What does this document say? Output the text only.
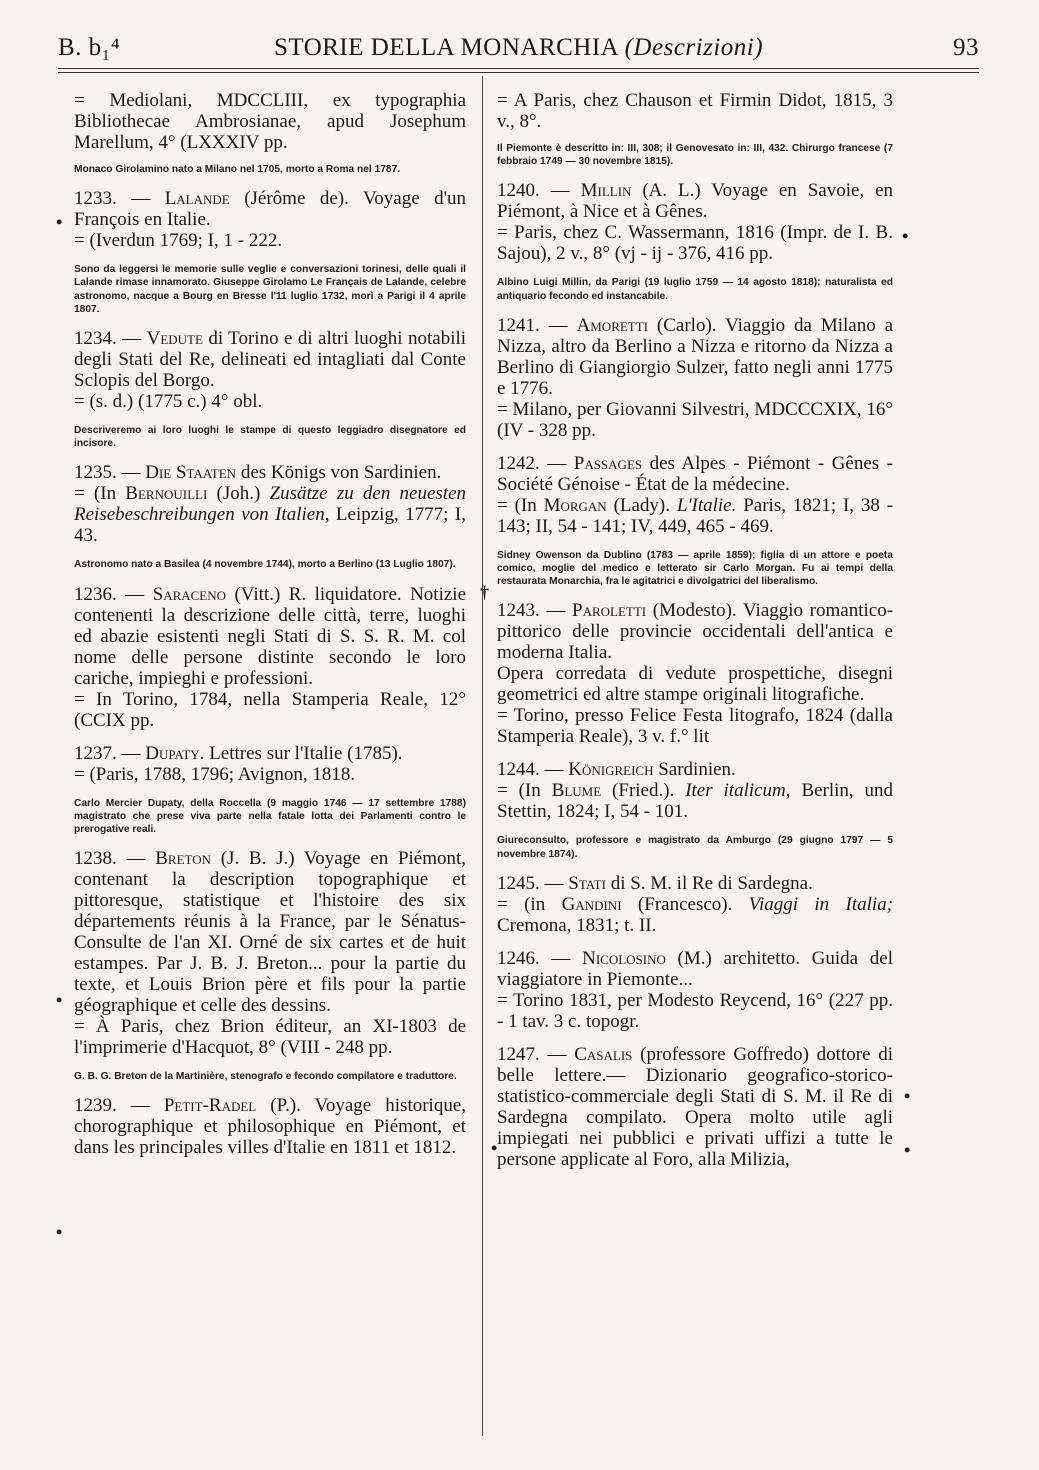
B. b₁⁴	STORIE DELLA MONARCHIA (Descrizioni)	93
•
•
•
•
†
•
•
•

= Mediolani, MDCCLIII, ex typographia Bibliothecae Ambrosianae, apud Josephum Marellum, 4° (LXXXIV pp.

Monaco Girolamino nato a Milano nel 1705, morto a Roma nel 1787.

1233. — Lalande (Jérôme de). Voyage d'un François en Italie.
= (Iverdun 1769; I, 1 - 222.

Sono da leggersi le memorie sulle veglie e conversazioni torinesi, delle quali il Lalande rimase innamorato. Giuseppe Girolamo Le Français de Lalande, celebre astronomo, nacque a Bourg en Bresse l'11 luglio 1732, morì a Parigi il 4 aprile 1807.

1234. — Vedute di Torino e di altri luoghi notabili degli Stati del Re, delineati ed intagliati dal Conte Sclopis del Borgo.
= (s. d.) (1775 c.) 4° obl.

Descriveremo ai loro luoghi le stampe di questo leggiadro disegnatore ed incisore.

1235. — Die Staaten des Königs von Sardinien.
= (In Bernouilli (Joh.) Zusätze zu den neuesten Reisebeschreibungen von Italien, Leipzig, 1777; I, 43.

Astronomo nato a Basilea (4 novembre 1744), morto a Berlino (13 Luglio 1807).

1236. — Saraceno (Vitt.) R. liquidatore. Notizie contenenti la descrizione delle città, terre, luoghi ed abazie esistenti negli Stati di S. S. R. M. col nome delle persone distinte secondo le loro cariche, impieghi e professioni.
= In Torino, 1784, nella Stamperia Reale, 12° (CCIX pp.

1237. — Dupaty. Lettres sur l'Italie (1785).
= (Paris, 1788, 1796; Avignon, 1818.

Carlo Mercier Dupaty, della Roccella (9 maggio 1746 — 17 settembre 1788) magistrato che prese viva parte nella fatale lotta dei Parlamenti contro le prerogative reali.

1238. — Breton (J. B. J.) Voyage en Piémont, contenant la description topographique et pittoresque, statistique et l'histoire des six départements réunis à la France, par le Sénatus-Consulte de l'an XI. Orné de six cartes et de huit estampes. Par J. B. J. Breton... pour la partie du texte, et Louis Brion père et fils pour la partie géographique et celle des dessins.
= À Paris, chez Brion éditeur, an XI-1803 de l'imprimerie d'Hacquot, 8° (VIII - 248 pp.

G. B. G. Breton de la Martinière, stenografo e fecondo compilatore e traduttore.

1239. — Petit-Radel (P.). Voyage historique, chorographique et philosophique en Piémont, et dans les principales villes d'Italie en 1811 et 1812.

= A Paris, chez Chauson et Firmin Didot, 1815, 3 v., 8°.

Il Piemonte è descritto in: III, 308; il Genovesato in: III, 432. Chirurgo francese (7 febbraio 1749 — 30 novembre 1815).

1240. — Millin (A. L.) Voyage en Savoie, en Piémont, à Nice et à Gênes.
= Paris, chez C. Wassermann, 1816 (Impr. de I. B. Sajou), 2 v., 8° (vj - ij - 376, 416 pp.

Albino Luigi Millin, da Parigi (19 luglio 1759 — 14 agosto 1818); naturalista ed antiquario fecondo ed instancabile.

1241. — Amoretti (Carlo). Viaggio da Milano a Nizza, altro da Berlino a Nizza e ritorno da Nizza a Berlino di Giangiorgio Sulzer, fatto negli anni 1775 e 1776.
= Milano, per Giovanni Silvestri, MDCCCXIX, 16° (IV - 328 pp.

1242. — Passages des Alpes - Piémont - Gênes - Société Génoise - État de la médecine.
= (In Morgan (Lady). L'Italie. Paris, 1821; I, 38 - 143; II, 54 - 141; IV, 449, 465 - 469.

Sidney Owenson da Dublino (1783 — aprile 1859); figlia di un attore e poeta comico, moglie del medico e letterato sir Carlo Morgan. Fu ai tempi della restaurata Monarchia, fra le agitatrici e divolgatrici del liberalismo.

1243. — Paroletti (Modesto). Viaggio romantico-pittorico delle provincie occidentali dell'antica e moderna Italia.
Opera corredata di vedute prospettiche, disegni geometrici ed altre stampe originali litografiche.
= Torino, presso Felice Festa litografo, 1824 (dalla Stamperia Reale), 3 v. f.° lit

1244. — Königreich Sardinien.
= (In Blume (Fried.). Iter italicum, Berlin, und Stettin, 1824; I, 54 - 101.

Giureconsulto, professore e magistrato da Amburgo (29 giugno 1797 — 5 novembre 1874).

1245. — Stati di S. M. il Re di Sardegna.
= (in Gandini (Francesco). Viaggi in Italia; Cremona, 1831; t. II.

1246. — Nicolosino (M.) architetto. Guida del viaggiatore in Piemonte...
= Torino 1831, per Modesto Reycend, 16° (227 pp. - 1 tav. 3 c. topogr.

1247. — Casalis (professore Goffredo) dottore di belle lettere.— Dizionario geografico-storico-statistico-commerciale degli Stati di S. M. il Re di Sardegna compilato. Opera molto utile agli impiegati nei pubblici e privati uffizi a tutte le persone applicate al Foro, alla Milizia,
